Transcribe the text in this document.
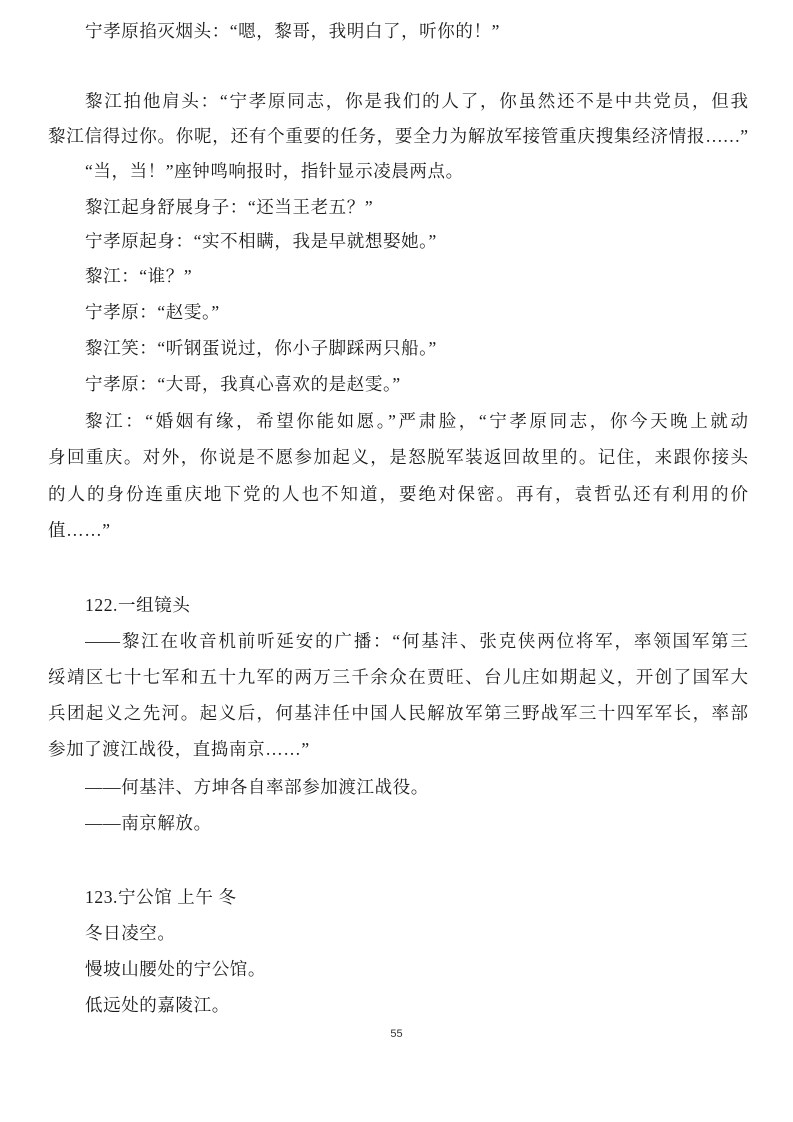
宁孝原掐灭烟头：“嗯，黎哥，我明白了，听你的！”
黎江拍他肩头：“宁孝原同志，你是我们的人了，你虽然还不是中共党员，但我
黎江信得过你。你呢，还有个重要的任务，要全力为解放军接管重庆搜集经济情报……”
“当，当！”座钟鸣响报时，指针显示凌晨两点。
黎江起身舒展身子：“还当王老五？”
宁孝原起身：“实不相瞒，我是早就想娶她。”
黎江：“谁？”
宁孝原：“赵雯。”
黎江笑：“听钢蛋说过，你小子脚踩两只船。”
宁孝原：“大哥，我真心喜欢的是赵雯。”
黎江：“婚姻有缘，希望你能如愿。”严肃脸，“宁孝原同志，你今天晚上就动
身回重庆。对外，你说是不愿参加起义，是怒脱军装返回故里的。记住，来跟你接头
的人的身份连重庆地下党的人也不知道，要绝对保密。再有，袁哲弘还有利用的价
值……”
122.一组镜头
——黎江在收音机前听延安的广播：“何基沣、张克侠两位将军，率领国军第三
绥靖区七十七军和五十九军的两万三千余众在贾旺、台儿庄如期起义，开创了国军大
兵团起义之先河。起义后，何基沣任中国人民解放军第三野战军三十四军军长，率部
参加了渡江战役，直捣南京……”
——何基沣、方坤各自率部参加渡江战役。
——南京解放。
123.宁公馆 上午 冬
冬日凌空。
慢坡山腰处的宁公馆。
低远处的嘉陵江。
55
